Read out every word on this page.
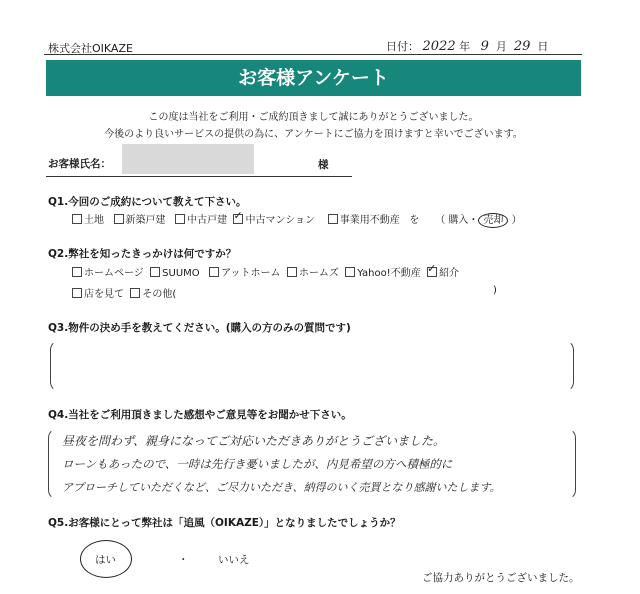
株式会社OIKAZE	日付： 2022 年 9 月 29 日
お客様アンケート
この度は当社をご利用・ご成約頂きまして誠にありがとうございました。
今後のより良いサービスの提供の為に、アンケートにご協力を頂けますと幸いでございます。
お客様氏名：	様
Q1.今回のご成約について教えて下さい。
土地 新築戸建 中古戸建 ✓ 中古マンション 事業用不動産 を （ 購入・ 売却 ）
Q2.弊社を知ったきっかけは何ですか？
ホームページ SUUMO アットホーム ホームズ Yahoo!不動産 ✓ 紹介
店を見て その他(	)
Q3.物件の決め手を教えてください。(購入の方のみの質問です)
Q4.当社をご利用頂きました感想やご意見等をお聞かせ下さい。
昼夜を問わず、親身になってご対応いただきありがとうございました。
ローンもあったので、一時は先行き憂いましたが、内見希望の方へ積極的に
アプローチしていただくなど、ご尽力いただき、納得のいく売買となり感謝いたします。
Q5.お客様にとって弊社は「追風（OIKAZE）」となりましたでしょうか？
はい	・	いいえ
ご協力ありがとうございました。
